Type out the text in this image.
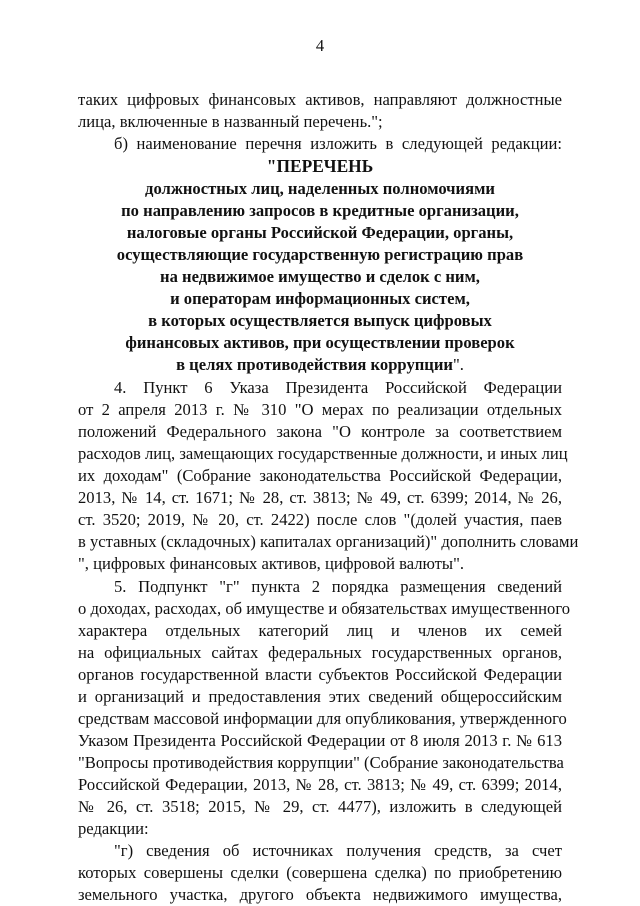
4
таких цифровых финансовых активов, направляют должностные
лица, включенные в названный перечень.";
б) наименование перечня изложить в следующей редакции:
"ПЕРЕЧЕНЬ
должностных лиц, наделенных полномочиями
по направлению запросов в кредитные организации,
налоговые органы Российской Федерации, органы,
осуществляющие государственную регистрацию прав
на недвижимое имущество и сделок с ним,
и операторам информационных систем,
в которых осуществляется выпуск цифровых
финансовых активов, при осуществлении проверок
в целях противодействия коррупции".
4. Пункт 6 Указа Президента Российской Федерации
от 2 апреля 2013 г. № 310 "О мерах по реализации отдельных
положений Федерального закона "О контроле за соответствием
расходов лиц, замещающих государственные должности, и иных лиц
их доходам" (Собрание законодательства Российской Федерации,
2013, № 14, ст. 1671; № 28, ст. 3813; № 49, ст. 6399; 2014, № 26,
ст. 3520; 2019, № 20, ст. 2422) после слов "(долей участия, паев
в уставных (складочных) капиталах организаций)" дополнить словами
", цифровых финансовых активов, цифровой валюты".
5. Подпункт "г" пункта 2 порядка размещения сведений
о доходах, расходах, об имуществе и обязательствах имущественного
характера отдельных категорий лиц и членов их семей
на официальных сайтах федеральных государственных органов,
органов государственной власти субъектов Российской Федерации
и организаций и предоставления этих сведений общероссийским
средствам массовой информации для опубликования, утвержденного
Указом Президента Российской Федерации от 8 июля 2013 г. № 613
"Вопросы противодействия коррупции" (Собрание законодательства
Российской Федерации, 2013, № 28, ст. 3813; № 49, ст. 6399; 2014,
№ 26, ст. 3518; 2015, № 29, ст. 4477), изложить в следующей
редакции:
"г) сведения об источниках получения средств, за счет
которых совершены сделки (совершена сделка) по приобретению
земельного участка, другого объекта недвижимого имущества,
